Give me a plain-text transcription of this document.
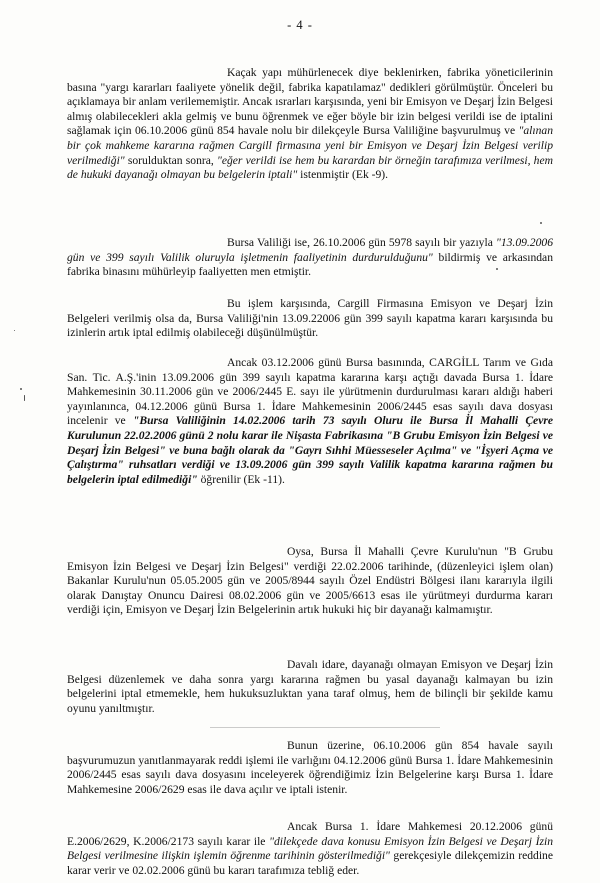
- 4 -
Kaçak yapı mühürlenecek diye beklenirken, fabrika yöneticilerinin basına "yargı kararları faaliyete yönelik değil, fabrika kapatılamaz" dedikleri görülmüştür. Önceleri bu açıklamaya bir anlam verilememiştir. Ancak ısrarları karşısında, yeni bir Emisyon ve Deşarj İzin Belgesi almış olabilecekleri akla gelmiş ve bunu öğrenmek ve eğer böyle bir izin belgesi verildi ise de iptalini sağlamak için 06.10.2006 günü 854 havale nolu bir dilekçeyle Bursa Valiliğine başvurulmuş ve "alınan bir çok mahkeme kararına rağmen Cargill firmasına yeni bir Emisyon ve Deşarj İzin Belgesi verilip verilmediği" sorulduktan sonra, "eğer verildi ise hem bu karardan bir örneğin tarafımıza verilmesi, hem de hukuki dayanağı olmayan bu belgelerin iptali" istenmiştir (Ek -9).
Bursa Valiliği ise, 26.10.2006 gün 5978 sayılı bir yazıyla "13.09.2006 gün ve 399 sayılı Valilik oluruyla işletmenin faaliyetinin durdurulduğunu" bildirmiş ve arkasından fabrika binasını mühürleyip faaliyetten men etmiştir.
Bu işlem karşısında, Cargill Firmasına Emisyon ve Deşarj İzin Belgeleri verilmiş olsa da, Bursa Valiliği'nin 13.09.22006 gün 399 sayılı kapatma kararı karşısında bu izinlerin artık iptal edilmiş olabileceği düşünülmüştür.
Ancak 03.12.2006 günü Bursa basınında, CARGİLL Tarım ve Gıda San. Tic. A.Ş.'inin 13.09.2006 gün 399 sayılı kapatma kararına karşı açtığı davada Bursa 1. İdare Mahkemesinin 30.11.2006 gün ve 2006/2445 E. sayı ile yürütmenin durdurulması kararı aldığı haberi yayınlanınca, 04.12.2006 günü Bursa 1. İdare Mahkemesinin 2006/2445 esas sayılı dava dosyası incelenir ve "Bursa Valiliğinin 14.02.2006 tarih 73 sayılı Oluru ile Bursa İl Mahalli Çevre Kurulunun 22.02.2006 günü 2 nolu karar ile Nişasta Fabrikasına "B Grubu Emisyon İzin Belgesi ve Deşarj İzin Belgesi" ve buna bağlı olarak da "Gayrı Sıhhi Müesseseler Açılma" ve "İşyeri Açma ve Çalıştırma" ruhsatları verdiği ve 13.09.2006 gün 399 sayılı Valilik kapatma kararına rağmen bu belgelerin iptal edilmediği" öğrenilir (Ek -11).
Oysa, Bursa İl Mahalli Çevre Kurulu'nun "B Grubu Emisyon İzin Belgesi ve Deşarj İzin Belgesi" verdiği 22.02.2006 tarihinde, (düzenleyici işlem olan) Bakanlar Kurulu'nun 05.05.2005 gün ve 2005/8944 sayılı Özel Endüstri Bölgesi ilanı kararıyla ilgili olarak Danıştay Onuncu Dairesi 08.02.2006 gün ve 2005/6613 esas ile yürütmeyi durdurma kararı verdiği için, Emisyon ve Deşarj İzin Belgelerinin artık hukuki hiç bir dayanağı kalmamıştır.
Davalı idare, dayanağı olmayan Emisyon ve Deşarj İzin Belgesi düzenlemek ve daha sonra yargı kararına rağmen bu yasal dayanağı kalmayan bu izin belgelerini iptal etmemekle, hem hukuksuzluktan yana taraf olmuş, hem de bilinçli bir şekilde kamu oyunu yanıltmıştır.
Bunun üzerine, 06.10.2006 gün 854 havale sayılı başvurumuzun yanıtlanmayarak reddi işlemi ile varlığını 04.12.2006 günü Bursa 1. İdare Mahkemesinin 2006/2445 esas sayılı dava dosyasını inceleyerek öğrendiğimiz İzin Belgelerine karşı Bursa 1. İdare Mahkemesine 2006/2629 esas ile dava açılır ve iptali istenir.
Ancak Bursa 1. İdare Mahkemesi 20.12.2006 günü E.2006/2629, K.2006/2173 sayılı karar ile "dilekçede dava konusu Emisyon İzin Belgesi ve Deşarj İzin Belgesi verilmesine ilişkin işlemin öğrenme tarihinin gösterilmediği" gerekçesiyle dilekçemizin reddine karar verir ve 02.02.2006 günü bu kararı tarafımıza tebliğ eder.
